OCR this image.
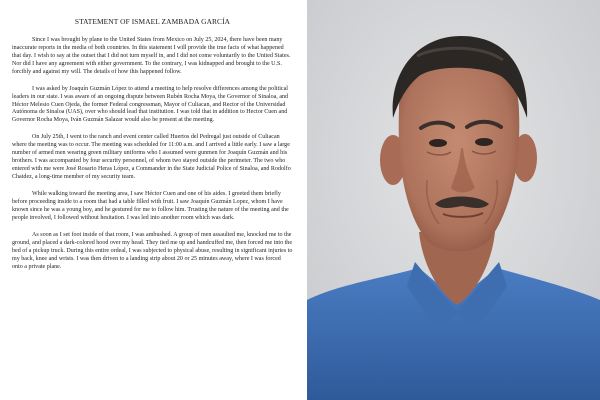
STATEMENT OF ISMAEL ZAMBADA GARCÍA

Since I was brought by plane to the United States from Mexico on July 25, 2024, there have been many inaccurate reports in the media of both countries. In this statement I will provide the true facts of what happened that day. I wish to say at the outset that I did not turn myself in, and I did not come voluntarily to the United States. Nor did I have any agreement with either government. To the contrary, I was kidnapped and brought to the U.S. forcibly and against my will. The details of how this happened follow.

I was asked by Joaquín Guzmán López to attend a meeting to help resolve differences among the political leaders in our state. I was aware of an ongoing dispute between Rubén Rocha Moya, the Governor of Sinaloa, and Héctor Melesio Cuen Ojeda, the former Federal congressman, Mayor of Culiacan, and Rector of the Universidad Autónoma de Sinaloa (UAS), over who should lead that institution. I was told that in addition to Hector Cuen and Governor Rocha Moya, Iván Guzmán Salazar would also be present at the meeting.

On July 25th, I went to the ranch and event center called Huertos del Pedregal just outside of Culiacan where the meeting was to occur. The meeting was scheduled for 11:00 a.m. and I arrived a little early. I saw a large number of armed men wearing green military uniforms who I assumed were gunmen for Joaquín Guzmán and his brothers. I was accompanied by four security personnel, of whom two stayed outside the perimeter. The two who entered with me were José Rosario Heras López, a Commander in the State Judicial Police of Sinaloa, and Rodolfo Chaidez, a long-time member of my security team.

While walking toward the meeting area, I saw Héctor Cuen and one of his aides. I greeted them briefly before proceeding inside to a room that had a table filled with fruit. I saw Joaquín Guzmán Lopez, whom I have known since he was a young boy, and he gestured for me to follow him. Trusting the nature of the meeting and the people involved, I followed without hesitation. I was led into another room which was dark.

As soon as I set foot inside of that room, I was ambushed. A group of men assaulted me, knocked me to the ground, and placed a dark-colored hood over my head. They tied me up and handcuffed me, then forced me into the bed of a pickup truck. During this entire ordeal, I was subjected to physical abuse, resulting in significant injuries to my back, knee and wrists. I was then driven to a landing strip about 20 or 25 minutes away, where I was forced onto a private plane.
